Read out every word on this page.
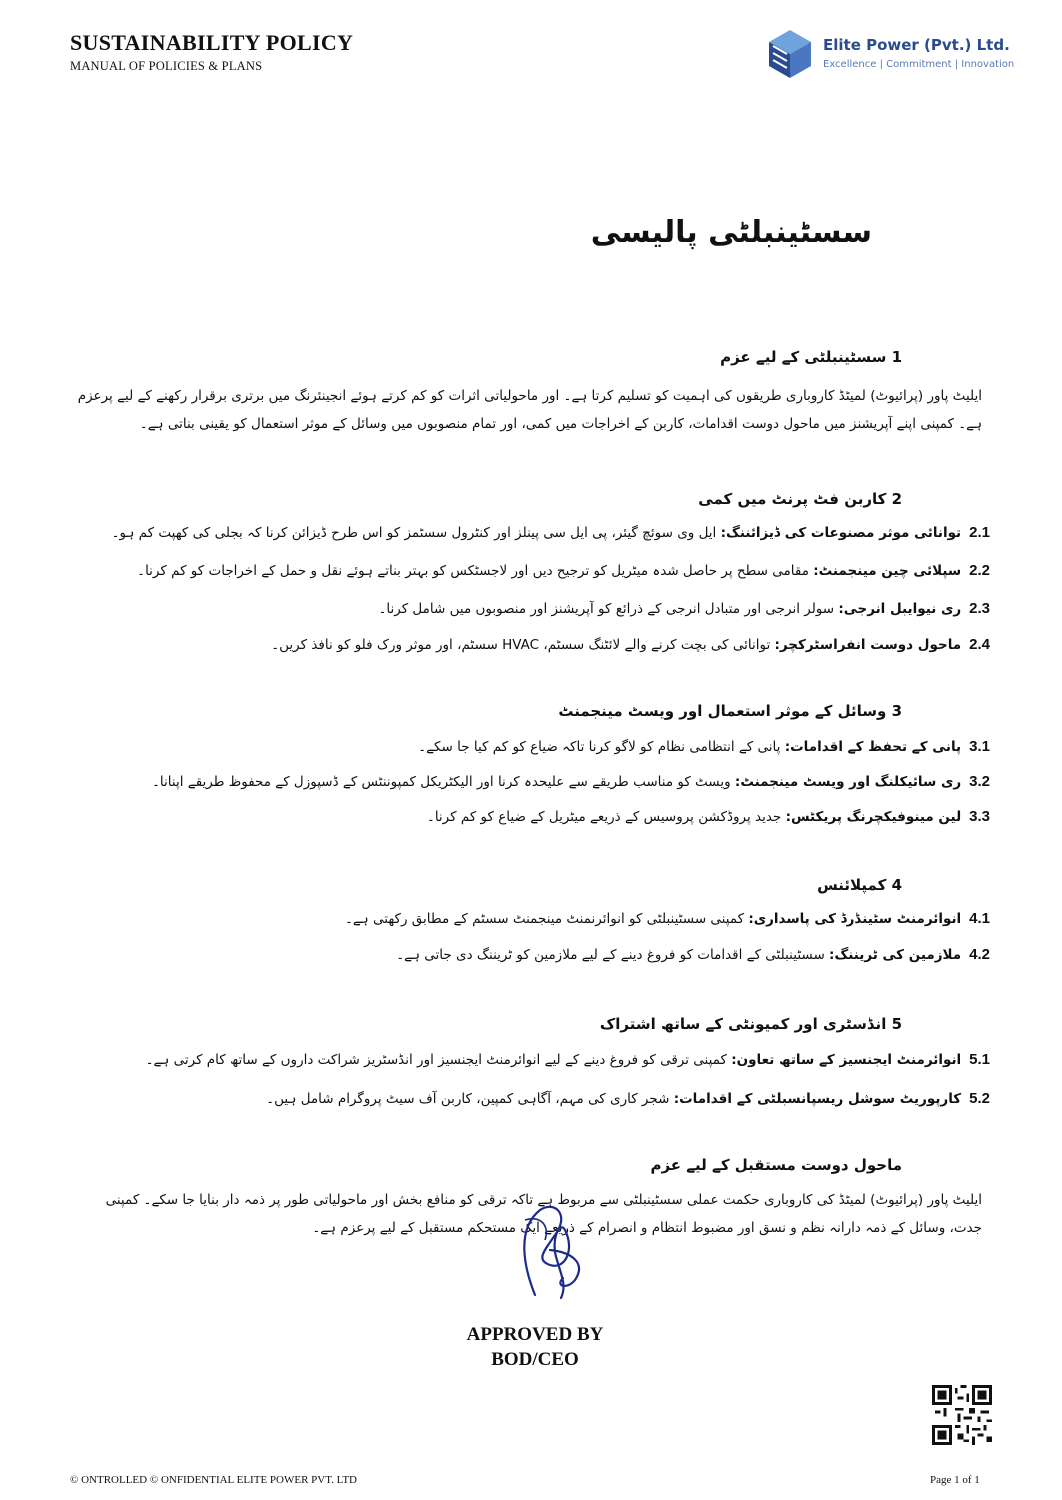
SUSTAINABILITY POLICY
MANUAL OF POLICIES & PLANS
Elite Power (Pvt.) Ltd.
Excellence | Commitment | Innovation
سسٹینبلٹی پالیسی
1 سسٹینبلٹی کے لیے عزم
ایلیٹ پاور (پرائیوٹ) لمیٹڈ کاروباری طریقوں کی اہمیت کو تسلیم کرتا ہے۔ اور ماحولیاتی اثرات کو کم کرتے ہوئے انجینئرنگ میں برتری برقرار رکھنے کے لیے پرعزم ہے۔ کمپنی اپنے آپریشنز میں ماحول دوست اقدامات، کاربن کے اخراجات میں کمی، اور تمام منصوبوں میں وسائل کے موثر استعمال کو یقینی بناتی ہے۔
2 کاربن فٹ پرنٹ میں کمی
2.1توانائی موثر مصنوعات کی ڈیزائننگ: ایل وی سوئچ گیئر، پی ایل سی پینلز اور کنٹرول سسٹمز کو اس طرح ڈیزائن کرنا کہ بجلی کی کھپت کم ہو۔
2.2سپلائی چین مینجمنٹ: مقامی سطح پر حاصل شدہ میٹریل کو ترجیح دیں اور لاجسٹکس کو بہتر بناتے ہوئے نقل و حمل کے اخراجات کو کم کرنا۔
2.3ری نیوایبل انرجی: سولر انرجی اور متبادل انرجی کے ذرائع کو آپریشنز اور منصوبوں میں شامل کرنا۔
2.4ماحول دوست انفراسٹرکچر: توانائی کی بچت کرنے والے لائٹنگ سسٹم، HVAC سسٹم، اور موثر ورک فلو کو نافذ کریں۔
3 وسائل کے موثر استعمال اور ویسٹ مینجمنٹ
3.1پانی کے تحفظ کے اقدامات: پانی کے انتظامی نظام کو لاگو کرنا تاکہ ضیاع کو کم کیا جا سکے۔
3.2ری سائیکلنگ اور ویسٹ مینجمنٹ: ویسٹ کو مناسب طریقے سے علیحدہ کرنا اور الیکٹریکل کمپوننٹس کے ڈسپوزل کے محفوظ طریقے اپنانا۔
3.3لین مینوفیکچرنگ پریکٹس: جدید پروڈکشن پروسیس کے ذریعے میٹریل کے ضیاع کو کم کرنا۔
4 کمپلائنس
4.1انوائرمنٹ سٹینڈرڈ کی پاسداری: کمپنی سسٹینبلٹی کو انوائرنمنٹ مینجمنٹ سسٹم کے مطابق رکھتی ہے۔
4.2ملازمین کی ٹریننگ: سسٹینبلٹی کے اقدامات کو فروغ دینے کے لیے ملازمین کو ٹریننگ دی جاتی ہے۔
5 انڈسٹری اور کمیونٹی کے ساتھ اشتراک
5.1انوائرمنٹ ایجنسیز کے ساتھ تعاون: کمپنی ترقی کو فروغ دینے کے لیے انوائرمنٹ ایجنسیز اور انڈسٹریز شراکت داروں کے ساتھ کام کرتی ہے۔
5.2کارپوریٹ سوشل ریسپانسبلٹی کے اقدامات: شجر کاری کی مہم، آگاہی کمپین، کاربن آف سیٹ پروگرام شامل ہیں۔
ماحول دوست مستقبل کے لیے عزم
ایلیٹ پاور (پرائیوٹ) لمیٹڈ کی کاروباری حکمت عملی سسٹینبلٹی سے مربوط ہے تاکہ ترقی کو منافع بخش اور ماحولیاتی طور پر ذمہ دار بنایا جا سکے۔ کمپنی جدت، وسائل کے ذمہ دارانہ نظم و نسق اور مضبوط انتظام و انصرام کے ذریعے ایک مستحکم مستقبل کے لیے پرعزم ہے۔
APPROVED BY
BOD/CEO
© ONTROLLED © ONFIDENTIAL ELITE POWER PVT. LTD	Page 1 of 1
